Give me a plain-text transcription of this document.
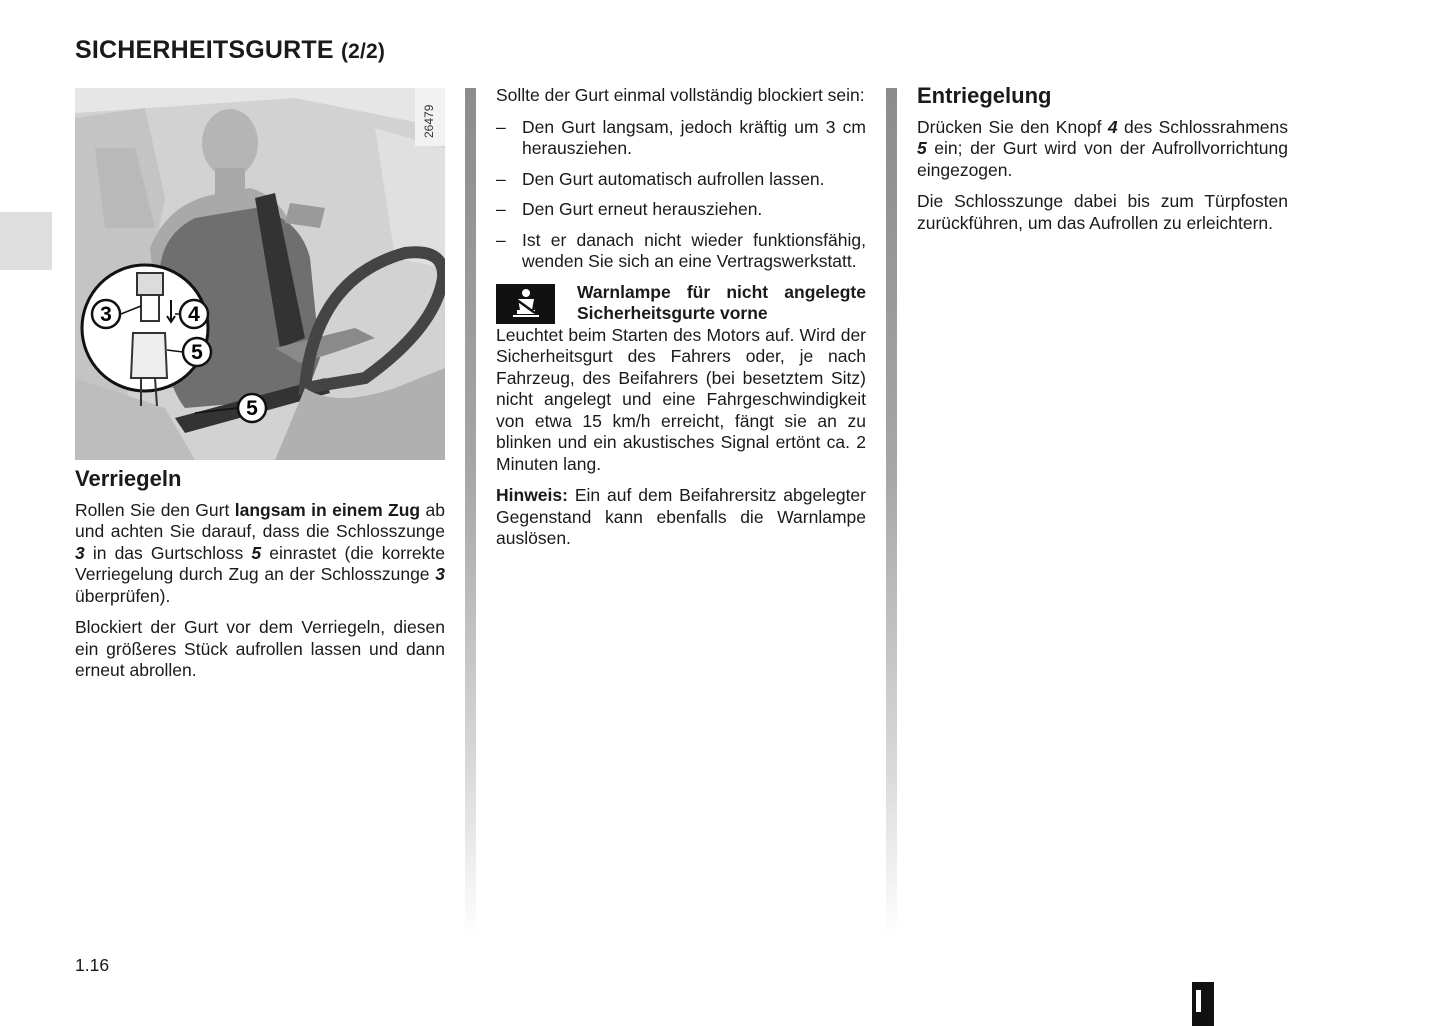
SICHERHEITSGURTE (2/2)
3	4
5
5
26479
Verriegeln

Rollen Sie den Gurt langsam in einem Zug ab und achten Sie darauf, dass die Schlosszunge 3 in das Gurtschloss 5 einrastet (die korrekte Verriegelung durch Zug an der Schlosszunge 3 überprüfen).

Blockiert der Gurt vor dem Verriegeln, diesen ein größeres Stück aufrollen lassen und dann erneut abrollen.

Sollte der Gurt einmal vollständig blockiert sein:

– Den Gurt langsam, jedoch kräftig um 3 cm herausziehen.
– Den Gurt automatisch aufrollen lassen.
– Den Gurt erneut herausziehen.
– Ist er danach nicht wieder funktionsfähig, wenden Sie sich an eine Vertragswerkstatt.
Warnlampe für nicht angelegte Sicherheitsgurte vorne

Leuchtet beim Starten des Motors auf. Wird der Sicherheitsgurt des Fahrers oder, je nach Fahrzeug, des Beifahrers (bei besetztem Sitz) nicht angelegt und eine Fahrgeschwindigkeit von etwa 15 km/h erreicht, fängt sie an zu blinken und ein akustisches Signal ertönt ca. 2 Minuten lang.

Hinweis: Ein auf dem Beifahrersitz abgelegter Gegenstand kann ebenfalls die Warnlampe auslösen.

Entriegelung

Drücken Sie den Knopf 4 des Schlossrahmens 5 ein; der Gurt wird von der Aufrollvorrichtung eingezogen.

Die Schlosszunge dabei bis zum Türpfosten zurückführen, um das Aufrollen zu erleichtern.

1.16
